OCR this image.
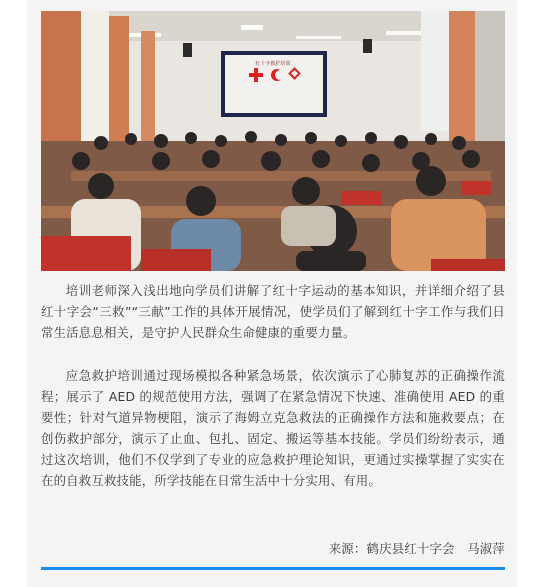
红十字救护培训

培训老师深入浅出地向学员们讲解了红十字运动的基本知识，并详细介绍了县红十字会“三救”“三献”工作的具体开展情况，使学员们了解到红十字工作与我们日常生活息息相关，是守护人民群众生命健康的重要力量。

应急救护培训通过现场模拟各种紧急场景，依次演示了心肺复苏的正确操作流程；展示了 AED 的规范使用方法，强调了在紧急情况下快速、准确使用 AED 的重要性；针对气道异物梗阻，演示了海姆立克急救法的正确操作方法和施救要点；在创伤救护部分，演示了止血、包扎、固定、搬运等基本技能。学员们纷纷表示，通过这次培训，他们不仅学到了专业的应急救护理论知识，更通过实操掌握了实实在在的自救互救技能，所学技能在日常生活中十分实用、有用。

来源：鹤庆县红十字会　马淑萍
